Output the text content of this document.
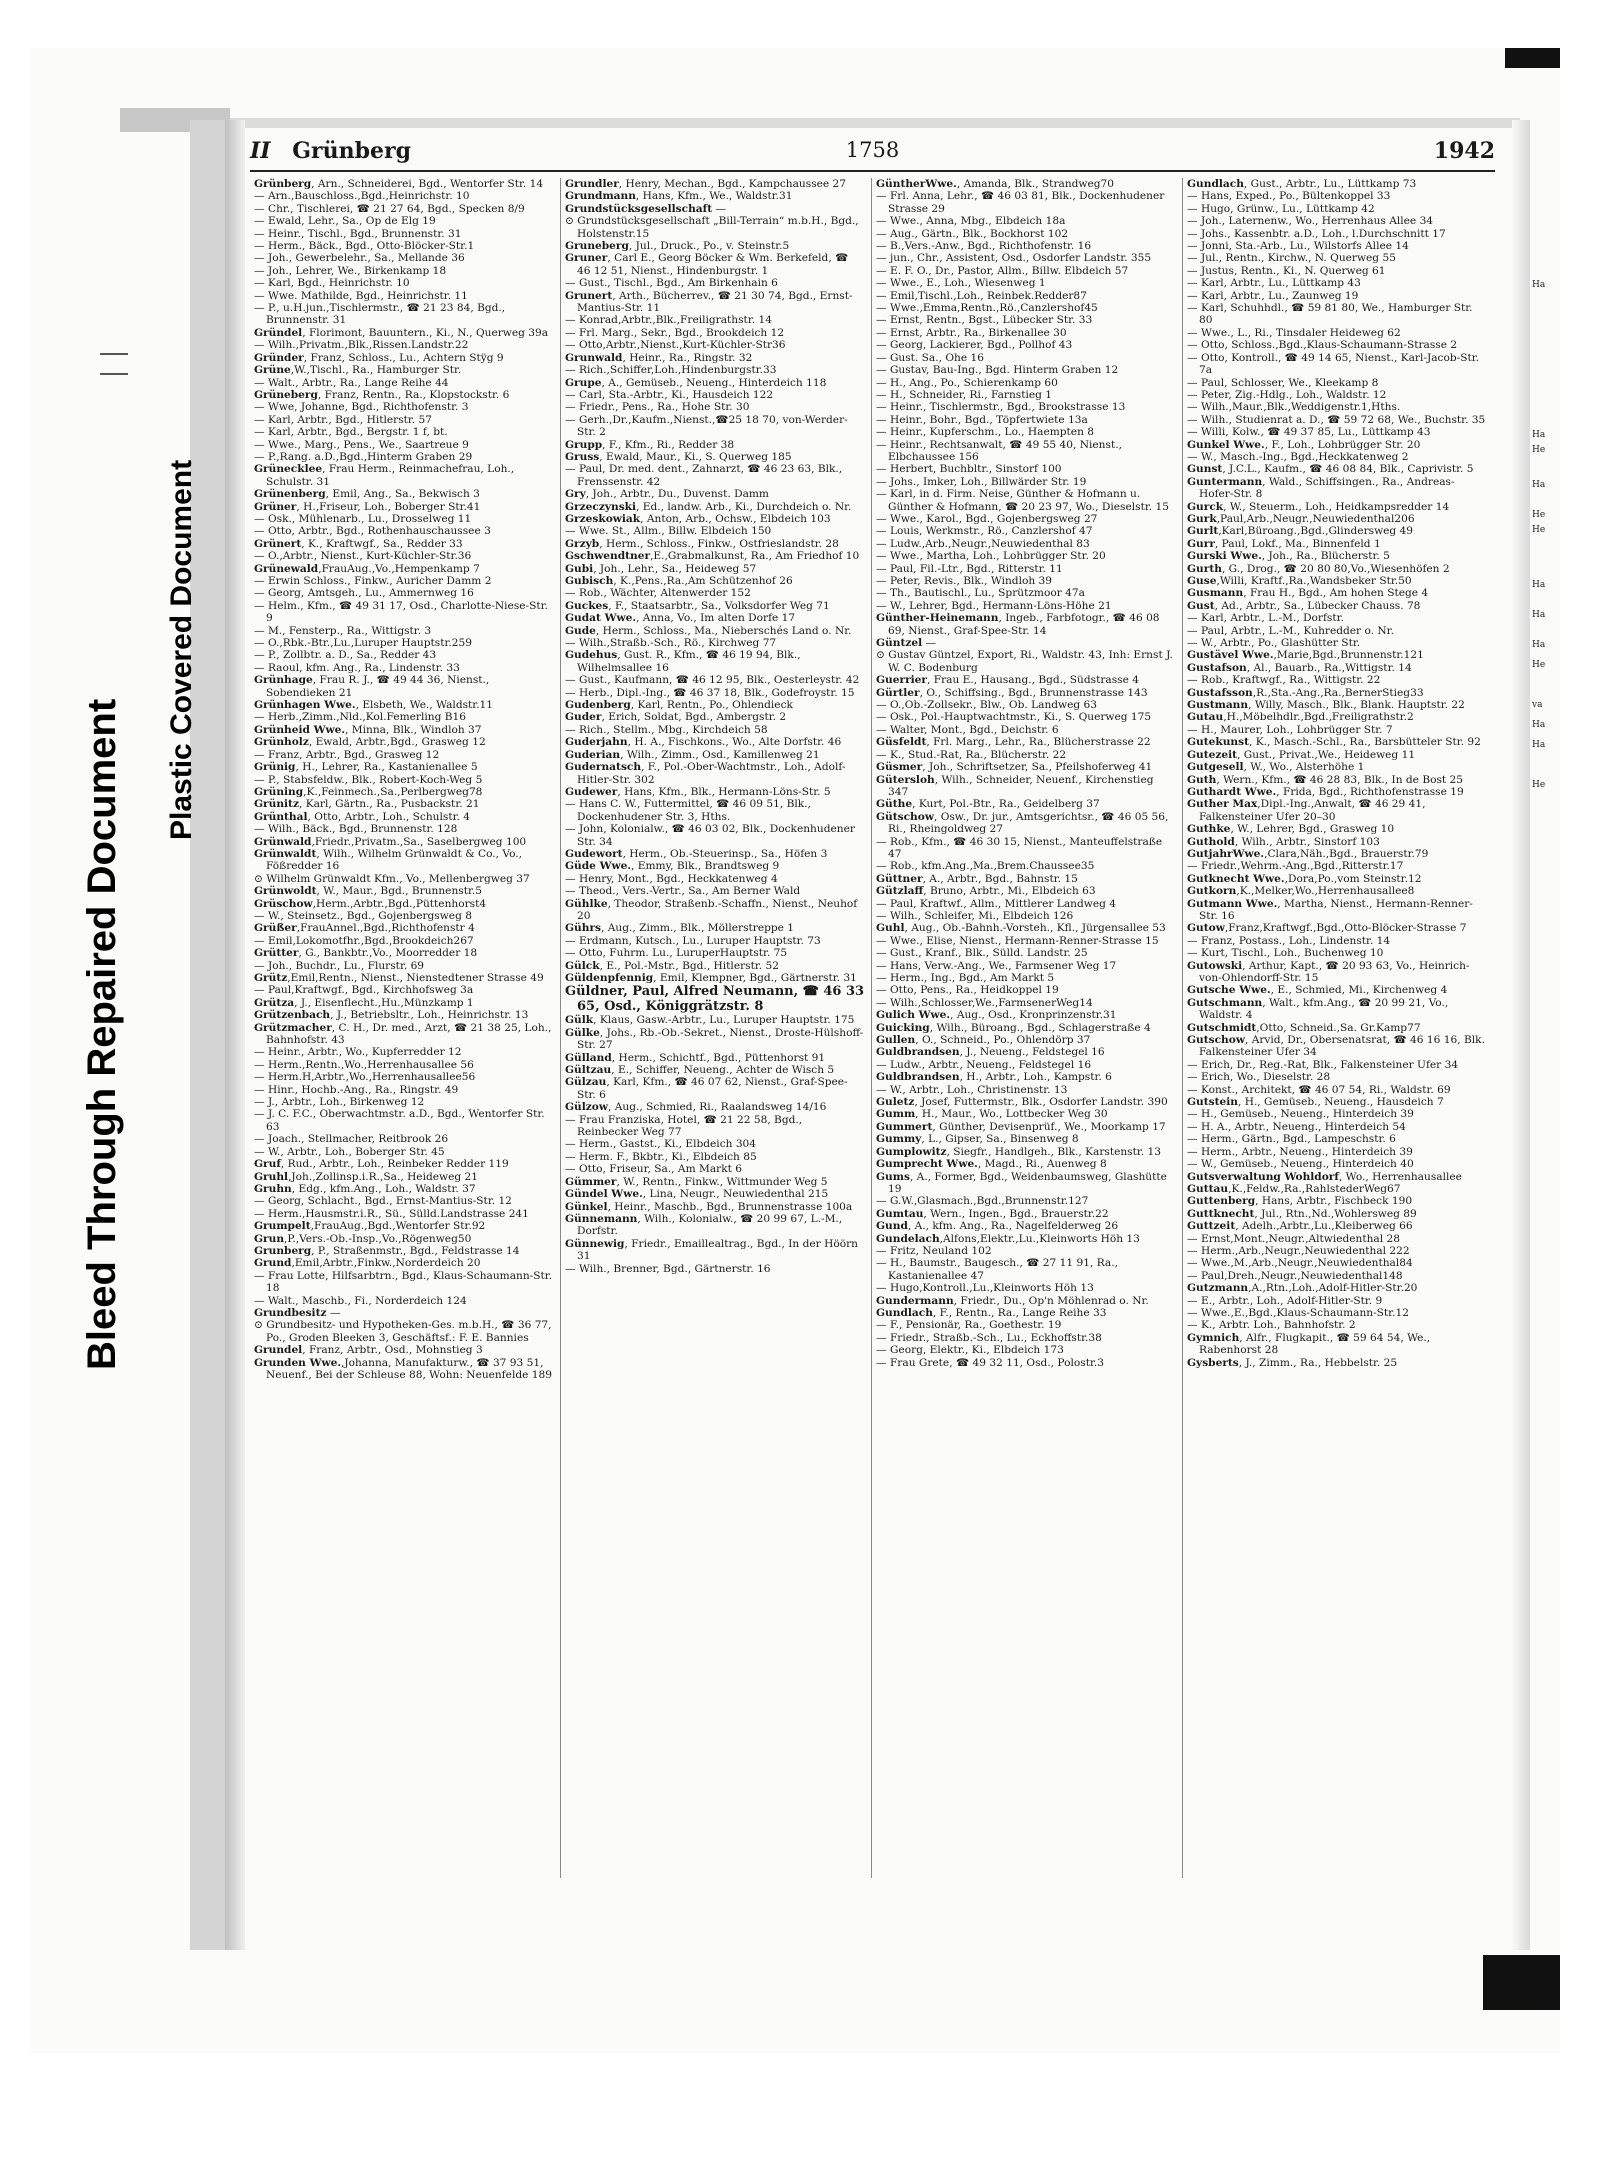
Bleed Through Repaired Document
Plastic Covered Document
II Grünberg	1758	1942

Grünberg, Arn., Schneiderei, Bgd., Wentorfer Str. 14

— Arn.,Bauschloss.,Bgd.,Heinrichstr. 10

— Chr., Tischlerei, ☎ 21 27 64, Bgd., Specken 8/9

— Ewald, Lehr., Sa., Op de Elg 19

— Heinr., Tischl., Bgd., Brunnenstr. 31

— Herm., Bäck., Bgd., Otto-Blöcker-Str.1

— Joh., Gewerbelehr., Sa., Mellande 36

— Joh., Lehrer, We., Birkenkamp 18

— Karl, Bgd., Heinrichstr. 10

— Wwe. Mathilde, Bgd., Heinrichstr. 11

— P., u.H.jun.,Tischlermstr., ☎ 21 23 84, Bgd., Brunnenstr. 31

Gründel, Florimont, Bauuntern., Ki., N., Querweg 39a

— Wilh.,Privatm.,Blk.,Rissen.Landstr.22

Gründer, Franz, Schloss., Lu., Achtern Stÿg 9

Grüne,W.,Tischl., Ra., Hamburger Str.

— Walt., Arbtr., Ra., Lange Reihe 44

Grüneberg, Franz, Rentn., Ra., Klopstockstr. 6

— Wwe, Johanne, Bgd., Richthofenstr. 3

— Karl, Arbtr., Bgd., Hitlerstr. 57

— Karl, Arbtr., Bgd., Bergstr. 1 f, bt.

— Wwe., Marg., Pens., We., Saartreue 9

— P.,Rang. a.D.,Bgd.,Hinterm Graben 29

Grünecklee, Frau Herm., Reinmachefrau, Loh., Schulstr. 31

Grünenberg, Emil, Ang., Sa., Bekwisch 3

Grüner, H.,Friseur, Loh., Boberger Str.41

— Osk., Mühlenarb., Lu., Drosselweg 11

— Otto, Arbtr., Bgd., Rothenhauschaussee 3

Grünert, K., Kraftwgf., Sa., Redder 33

— O.,Arbtr., Nienst., Kurt-Küchler-Str.36

Grünewald,FrauAug.,Vo.,Hempenkamp 7

— Erwin Schloss., Finkw., Auricher Damm 2

— Georg, Amtsgeh., Lu., Ammernweg 16

— Helm., Kfm., ☎ 49 31 17, Osd., Charlotte-Niese-Str. 9

— M., Fensterp., Ra., Wittigstr. 3

— O.,Rbk.-Btr.,Lu.,Luruper Hauptstr.259

— P., Zollbtr. a. D., Sa., Redder 43

— Raoul, kfm. Ang., Ra., Lindenstr. 33

Grünhage, Frau R. J., ☎ 49 44 36, Nienst., Sobendieken 21

Grünhagen Wwe., Elsbeth, We., Waldstr.11

— Herb.,Zimm.,Nld.,Kol.Femerling B16

Grünheid Wwe., Minna, Blk., Windloh 37

Grünholz, Ewald, Arbtr.,Bgd., Grasweg 12

— Franz, Arbtr., Bgd., Grasweg 12

Grünig, H., Lehrer, Ra., Kastanienallee 5

— P., Stabsfeldw., Blk., Robert-Koch-Weg 5

Grüning,K.,Feinmech.,Sa.,Perlbergweg78

Grünitz, Karl, Gärtn., Ra., Pusbackstr. 21

Grünthal, Otto, Arbtr., Loh., Schulstr. 4

— Wilh., Bäck., Bgd., Brunnenstr. 128

Grünwald,Friedr.,Privatm.,Sa., Saselbergweg 100

Grünwaldt, Wilh., Wilhelm Grünwaldt & Co., Vo., Fößredder 16

⊙ Wilhelm Grünwaldt Kfm., Vo., Mellenbergweg 37

Grünwoldt, W., Maur., Bgd., Brunnenstr.5

Grüschow,Herm.,Arbtr.,Bgd.,Püttenhorst4

— W., Steinsetz., Bgd., Gojenbergsweg 8

Grüßer,FrauAnnel.,Bgd.,Richthofenstr 4

— Emil,Lokomotfhr.,Bgd.,Brookdeich267

Grütter, G., Bankbtr.,Vo., Moorredder 18

— Joh., Buchdr., Lu., Flurstr. 69

Grütz,Emil,Rentn., Nienst., Nienstedtener Strasse 49

— Paul,Kraftwgf., Bgd., Kirchhofsweg 3a

Grütza, J., Eisenflecht.,Hu.,Münzkamp 1

Grützenbach, J., Betriebsltr., Loh., Heinrichstr. 13

Grützmacher, C. H., Dr. med., Arzt, ☎ 21 38 25, Loh., Bahnhofstr. 43

— Heinr., Arbtr., Wo., Kupferredder 12

— Herm.,Rentn.,Wo.,Herrenhausallee 56

— Herm.H,Arbtr.,Wo.,Herrenhausallee56

— Hinr., Hochb.-Ang., Ra., Ringstr. 49

— J., Arbtr., Loh., Birkenweg 12

— J. C. F.C., Oberwachtmstr. a.D., Bgd., Wentorfer Str. 63

— Joach., Stellmacher, Reitbrook 26

— W., Arbtr., Loh., Boberger Str. 45

Gruf, Rud., Arbtr., Loh., Reinbeker Redder 119

Gruhl,Joh.,Zollinsp.i.R.,Sa., Heideweg 21

Gruhn, Edg., kfm.Ang., Loh., Waldstr. 37

— Georg, Schlacht., Bgd., Ernst-Mantius-Str. 12

— Herm.,Hausmstr.i.R., Sü., Sülld.Landstrasse 241

Grumpelt,FrauAug.,Bgd.,Wentorfer Str.92

Grun,P.,Vers.-Ob.-Insp.,Vo.,Rögenweg50

Grunberg, P., Straßenmstr., Bgd., Feldstrasse 14

Grund,Emil,Arbtr.,Finkw.,Norderdeich 20

— Frau Lotte, Hilfsarbtrn., Bgd., Klaus-Schaumann-Str. 18

— Walt., Maschb., Fi., Norderdeich 124

Grundbesitz —

⊙ Grundbesitz- und Hypotheken-Ges. m.b.H., ☎ 36 77, Po., Groden Bleeken 3, Geschäftsf.: F. E. Bannies

Grundel, Franz, Arbtr., Osd., Mohnstieg 3

Grunden Wwe.,Johanna, Manufakturw., ☎ 37 93 51, Neuenf., Bei der Schleuse 88, Wohn: Neuenfelde 189

Grundler, Henry, Mechan., Bgd., Kampchaussee 27

Grundmann, Hans, Kfm., We., Waldstr.31

Grundstücksgesellschaft —

⊙ Grundstücksgesellschaft „Bill-Terrain“ m.b.H., Bgd., Holstenstr.15

Gruneberg, Jul., Druck., Po., v. Steinstr.5

Gruner, Carl E., Georg Böcker & Wm. Berkefeld, ☎ 46 12 51, Nienst., Hindenburgstr. 1

— Gust., Tischl., Bgd., Am Birkenhain 6

Grunert, Arth., Bücherrev., ☎ 21 30 74, Bgd., Ernst-Mantius-Str. 11

— Konrad,Arbtr.,Blk.,Freiligrathstr. 14

— Frl. Marg., Sekr., Bgd., Brookdeich 12

— Otto,Arbtr.,Nienst.,Kurt-Küchler-Str36

Grunwald, Heinr., Ra., Ringstr. 32

— Rich.,Schiffer,Loh.,Hindenburgstr.33

Grupe, A., Gemüseb., Neueng., Hinterdeich 118

— Carl, Sta.-Arbtr., Ki., Hausdeich 122

— Friedr., Pens., Ra., Hohe Str. 30

— Gerh.,Dr.,Kaufm.,Nienst.,☎25 18 70, von-Werder-Str. 2

Grupp, F., Kfm., Ri., Redder 38

Gruss, Ewald, Maur., Ki., S. Querweg 185

— Paul, Dr. med. dent., Zahnarzt, ☎ 46 23 63, Blk., Frenssenstr. 42

Gry, Joh., Arbtr., Du., Duvenst. Damm

Grzeczynski, Ed., landw. Arb., Ki., Durchdeich o. Nr.

Grzeskowiak, Anton, Arb., Ochsw., Elbdeich 103

— Wwe. St., Allm., Billw. Elbdeich 150

Grzyb, Herm., Schloss., Finkw., Ostfrieslandstr. 28

Gschwendtner,E.,Grabmalkunst, Ra., Am Friedhof 10

Gubi, Joh., Lehr., Sa., Heideweg 57

Gubisch, K.,Pens.,Ra.,Am Schützenhof 26

— Rob., Wächter, Altenwerder 152

Guckes, F., Staatsarbtr., Sa., Volksdorfer Weg 71

Gudat Wwe., Anna, Vo., Im alten Dorfe 17

Gude, Herm., Schloss., Ma., Nieberschés Land o. Nr.

— Wilh.,Straßb.-Sch., Rö., Kirchweg 77

Gudehus, Gust. R., Kfm., ☎ 46 19 94, Blk., Wilhelmsallee 16

— Gust., Kaufmann, ☎ 46 12 95, Blk., Oesterleystr. 42

— Herb., Dipl.-Ing., ☎ 46 37 18, Blk., Godefroystr. 15

Gudenberg, Karl, Rentn., Po., Ohlendieck

Guder, Erich, Soldat, Bgd., Ambergstr. 2

— Rich., Stellm., Mbg., Kirchdeich 58

Guderjahn, H. A., Fischkons., Wo., Alte Dorfstr. 46

Guderian, Wilh., Zimm., Osd., Kamillenweg 21

Gudernatsch, F., Pol.-Ober-Wachtmstr., Loh., Adolf-Hitler-Str. 302

Gudewer, Hans, Kfm., Blk., Hermann-Löns-Str. 5

— Hans C. W., Futtermittel, ☎ 46 09 51, Blk., Dockenhudener Str. 3, Hths.

— John, Kolonialw., ☎ 46 03 02, Blk., Dockenhudener Str. 34

Gudewort, Herm., Ob.-Steuerinsp., Sa., Höfen 3

Güde Wwe., Emmy, Blk., Brandtsweg 9

— Henry, Mont., Bgd., Heckkatenweg 4

— Theod., Vers.-Vertr., Sa., Am Berner Wald

Gühlke, Theodor, Straßenb.-Schaffn., Nienst., Neuhof 20

Gührs, Aug., Zimm., Blk., Möllerstreppe 1

— Erdmann, Kutsch., Lu., Luruper Hauptstr. 73

— Otto, Fuhrm. Lu., LuruperHauptstr. 75

Gülck, E., Pol.-Mstr., Bgd., Hitlerstr. 52

Güldenpfennig, Emil, Klempner, Bgd., Gärtnerstr. 31

Güldner, Paul, Alfred Neumann, ☎ 46 33 65, Osd., Königgrätzstr. 8

Gülk, Klaus, Gasw.-Arbtr., Lu., Luruper Hauptstr. 175

Gülke, Johs., Rb.-Ob.-Sekret., Nienst., Droste-Hülshoff-Str. 27

Gülland, Herm., Schichtf., Bgd., Püttenhorst 91

Gültzau, E., Schiffer, Neueng., Achter de Wisch 5

Gülzau, Karl, Kfm., ☎ 46 07 62, Nienst., Graf-Spee-Str. 6

Gülzow, Aug., Schmied, Ri., Raalandsweg 14/16

— Frau Franziska, Hotel, ☎ 21 22 58, Bgd., Reinbecker Weg 77

— Herm., Gastst., Ki., Elbdeich 304

— Herm. F., Bkbtr., Ki., Elbdeich 85

— Otto, Friseur, Sa., Am Markt 6

Gümmer, W., Rentn., Finkw., Wittmunder Weg 5

Gündel Wwe., Lina, Neugr., Neuwiedenthal 215

Günkel, Heinr., Maschb., Bgd., Brunnenstrasse 100a

Günnemann, Wilh., Kolonialw., ☎ 20 99 67, L.-M., Dorfstr.

Günnewig, Friedr., Emaillealtrag., Bgd., In der Höörn 31

— Wilh., Brenner, Bgd., Gärtnerstr. 16

GüntherWwe., Amanda, Blk., Strandweg70

— Frl. Anna, Lehr., ☎ 46 03 81, Blk., Dockenhudener Strasse 29

— Wwe., Anna, Mbg., Elbdeich 18a

— Aug., Gärtn., Blk., Bockhorst 102

— B.,Vers.-Anw., Bgd., Richthofenstr. 16

— jun., Chr., Assistent, Osd., Osdorfer Landstr. 355

— E. F. O., Dr., Pastor, Allm., Billw. Elbdeich 57

— Wwe., E., Loh., Wiesenweg 1

— Emil,Tischl.,Loh., Reinbek.Redder87

— Wwe.,Emma,Rentn.,Rö.,Canzlershof45

— Ernst, Rentn., Bgst., Lübecker Str. 33

— Ernst, Arbtr., Ra., Birkenallee 30

— Georg, Lackierer, Bgd., Pollhof 43

— Gust. Sa., Ohe 16

— Gustav, Bau-Ing., Bgd. Hinterm Graben 12

— H., Ang., Po., Schierenkamp 60

— H., Schneider, Ri., Farnstieg 1

— Heinr., Tischlermstr., Bgd., Brookstrasse 13

— Heinr., Bohr., Bgd., Töpfertwiete 13a

— Heinr., Kupferschm., Lo., Haempten 8

— Heinr., Rechtsanwalt, ☎ 49 55 40, Nienst., Elbchaussee 156

— Herbert, Buchbltr., Sinstorf 100

— Johs., Imker, Loh., Billwärder Str. 19

— Karl, in d. Firm. Neise, Günther & Hofmann u. Günther & Hofmann, ☎ 20 23 97, Wo., Dieselstr. 15

— Wwe., Karol., Bgd., Gojenbergsweg 27

— Louis, Werkmstr., Rö., Canzlershof 47

— Ludw.,Arb.,Neugr.,Neuwiedenthal 83

— Wwe., Martha, Loh., Lohbrügger Str. 20

— Paul, Fil.-Ltr., Bgd., Ritterstr. 11

— Peter, Revis., Blk., Windloh 39

— Th., Bautischl., Lu., Sprützmoor 47a

— W., Lehrer, Bgd., Hermann-Löns-Höhe 21

Günther-Heinemann, Ingeb., Farbfotogr., ☎ 46 08 69, Nienst., Graf-Spee-Str. 14

Güntzel —

⊙ Gustav Güntzel, Export, Ri., Waldstr. 43, Inh: Ernst J. W. C. Bodenburg

Guerrier, Frau E., Hausang., Bgd., Südstrasse 4

Gürtler, O., Schiffsing., Bgd., Brunnenstrasse 143

— O.,Ob.-Zollsekr., Blw., Ob. Landweg 63

— Osk., Pol.-Hauptwachtmstr., Ki., S. Querweg 175

— Walter, Mont., Bgd., Deichstr. 6

Güsfeldt, Frl. Marg., Lehr., Ra., Blücherstrasse 22

— K., Stud.-Rat, Ra., Blücherstr. 22

Güsmer, Joh., Schriftsetzer, Sa., Pfeilshoferweg 41

Gütersloh, Wilh., Schneider, Neuenf., Kirchenstieg 347

Güthe, Kurt, Pol.-Btr., Ra., Geidelberg 37

Gütschow, Osw., Dr. jur., Amtsgerichtsr., ☎ 46 05 56, Ri., Rheingoldweg 27

— Rob., Kfm., ☎ 46 30 15, Nienst., Manteuffelstraße 47

— Rob., kfm.Ang.,Ma.,Brem.Chaussee35

Güttner, A., Arbtr., Bgd., Bahnstr. 15

Gützlaff, Bruno, Arbtr., Mi., Elbdeich 63

— Paul, Kraftwf., Allm., Mittlerer Landweg 4

— Wilh., Schleifer, Mi., Elbdeich 126

Guhl, Aug., Ob.-Bahnh.-Vorsteh., Kfl., Jürgensallee 53

— Wwe., Elise, Nienst., Hermann-Renner-Strasse 15

— Gust., Kranf., Blk., Sülld. Landstr. 25

— Hans, Verw.-Ang., We., Farmsener Weg 17

— Herm., Ing., Bgd., Am Markt 5

— Otto, Pens., Ra., Heidkoppel 19

— Wilh.,Schlosser,We.,FarmsenerWeg14

Gulich Wwe., Aug., Osd., Kronprinzenstr.31

Guicking, Wilh., Büroang., Bgd., Schlagerstraße 4

Gullen, O., Schneid., Po., Ohlendörp 37

Guldbrandsen, J., Neueng., Feldstegel 16

— Ludw., Arbtr., Neueng., Feldstegel 16

Guldbrandsen, H., Arbtr., Loh., Kampstr. 6

— W., Arbtr., Loh., Christinenstr. 13

Guletz, Josef, Futtermstr., Blk., Osdorfer Landstr. 390

Gumm, H., Maur., Wo., Lottbecker Weg 30

Gummert, Günther, Devisenprüf., We., Moorkamp 17

Gummy, L., Gipser, Sa., Binsenweg 8

Gumplowitz, Siegfr., Handlgeh., Blk., Karstenstr. 13

Gumprecht Wwe., Magd., Ri., Auenweg 8

Gums, A., Former, Bgd., Weidenbaumsweg, Glashütte 19

— G.W.,Glasmach.,Bgd.,Brunnenstr.127

Gumtau, Wern., Ingen., Bgd., Brauerstr.22

Gund, A., kfm. Ang., Ra., Nagelfelderweg 26

Gundelach,Alfons,Elektr.,Lu.,Kleinworts Höh 13

— Fritz, Neuland 102

— H., Baumstr., Baugesch., ☎ 27 11 91, Ra., Kastanienallee 47

— Hugo,Kontroll.,Lu.,Kleinworts Höh 13

Gundermann, Friedr., Du., Op'n Möhlenrad o. Nr.

Gundlach, F., Rentn., Ra., Lange Reihe 33

— F., Pensionär, Ra., Goethestr. 19

— Friedr., Straßb.-Sch., Lu., Eckhoffstr.38

— Georg, Elektr., Ki., Elbdeich 173

— Frau Grete, ☎ 49 32 11, Osd., Polostr.3

Gundlach, Gust., Arbtr., Lu., Lüttkamp 73

— Hans, Exped., Po., Bültenkoppel 33

— Hugo, Grünw., Lu., Lüttkamp 42

— Joh., Laternenw., Wo., Herrenhaus Allee 34

— Johs., Kassenbtr. a.D., Loh., l.Durchschnitt 17

— Jonni, Sta.-Arb., Lu., Wilstorfs Allee 14

— Jul., Rentn., Kirchw., N. Querweg 55

— Justus, Rentn., Ki., N. Querweg 61

— Karl, Arbtr., Lu., Lüttkamp 43

— Karl, Arbtr., Lu., Zaunweg 19

— Karl, Schuhhdl., ☎ 59 81 80, We., Hamburger Str. 80

— Wwe., L., Ri., Tinsdaler Heideweg 62

— Otto, Schloss.,Bgd.,Klaus-Schaumann-Strasse 2

— Otto, Kontroll., ☎ 49 14 65, Nienst., Karl-Jacob-Str. 7a

— Paul, Schlosser, We., Kleekamp 8

— Peter, Zig.-Hdlg., Loh., Waldstr. 12

— Wilh.,Maur.,Blk.,Weddigenstr.1,Hths.

— Wilh., Studienrat a. D., ☎ 59 72 68, We., Buchstr. 35

— Willi, Kolw., ☎ 49 37 85, Lu., Lüttkamp 43

Gunkel Wwe., F., Loh., Lohbrügger Str. 20

— W., Masch.-Ing., Bgd.,Heckkatenweg 2

Gunst, J.C.L., Kaufm., ☎ 46 08 84, Blk., Caprivistr. 5

Guntermann, Wald., Schiffsingen., Ra., Andreas-Hofer-Str. 8

Gurck, W., Steuerm., Loh., Heidkampsredder 14

Gurk,Paul,Arb.,Neugr.,Neuwiedenthal206

Gurlt,Karl,Büroang.,Bgd.,Glindersweg 49

Gurr, Paul, Lokf., Ma., Binnenfeld 1

Gurski Wwe., Joh., Ra., Blücherstr. 5

Gurth, G., Drog., ☎ 20 80 80,Vo.,Wiesenhöfen 2

Guse,Willi, Kraftf.,Ra.,Wandsbeker Str.50

Gusmann, Frau H., Bgd., Am hohen Stege 4

Gust, Ad., Arbtr., Sa., Lübecker Chauss. 78

— Karl, Arbtr., L.-M., Dorfstr.

— Paul, Arbtr., L.-M., Kuhredder o. Nr.

— W., Arbtr., Po., Glashütter Str.

Gustävel Wwe.,Marie,Bgd.,Brunnenstr.121

Gustafson, Al., Bauarb., Ra.,Wittigstr. 14

— Rob., Kraftwgf., Ra., Wittigstr. 22

Gustafsson,R.,Sta.-Ang.,Ra.,BernerStieg33

Gustmann, Willy, Masch., Blk., Blank. Hauptstr. 22

Gutau,H.,Möbelhdlr.,Bgd.,Freiligrathstr.2

— H., Maurer, Loh., Lohbrügger Str. 7

Gutekunst, K., Masch.-Schl., Ra., Barsbütteler Str. 92

Gutezeit, Gust., Privat.,We., Heideweg 11

Gutgesell, W., Wo., Alsterhöhe 1

Guth, Wern., Kfm., ☎ 46 28 83, Blk., In de Bost 25

Guthardt Wwe., Frida, Bgd., Richthofenstrasse 19

Guther Max,Dipl.-Ing.,Anwalt, ☎ 46 29 41, Falkensteiner Ufer 20–30

Guthke, W., Lehrer, Bgd., Grasweg 10

Guthold, Wilh., Arbtr., Sinstorf 103

GutjahrWwe.,Clara,Näh.,Bgd., Brauerstr.79

— Friedr.,Wehrm.-Ang.,Bgd.,Ritterstr.17

Gutknecht Wwe.,Dora,Po.,vom Steinstr.12

Gutkorn,K.,Melker,Wo.,Herrenhausallee8

Gutmann Wwe., Martha, Nienst., Hermann-Renner-Str. 16

Gutow,Franz,Kraftwgf.,Bgd.,Otto-Blöcker-Strasse 7

— Franz, Postass., Loh., Lindenstr. 14

— Kurt, Tischl., Loh., Buchenweg 10

Gutowski, Arthur, Kapt., ☎ 20 93 63, Vo., Heinrich-von-Ohlendorff-Str. 15

Gutsche Wwe., E., Schmied, Mi., Kirchenweg 4

Gutschmann, Walt., kfm.Ang., ☎ 20 99 21, Vo., Waldstr. 4

Gutschmidt,Otto, Schneid.,Sa. Gr.Kamp77

Gutschow, Arvid, Dr., Obersenatsrat, ☎ 46 16 16, Blk. Falkensteiner Ufer 34

— Erich, Dr., Reg.-Rat, Blk., Falkensteiner Ufer 34

— Erich, Wo., Dieselstr. 28

— Konst., Architekt, ☎ 46 07 54, Ri., Waldstr. 69

Gutstein, H., Gemüseb., Neueng., Hausdeich 7

— H., Gemüseb., Neueng., Hinterdeich 39

— H. A., Arbtr., Neueng., Hinterdeich 54

— Herm., Gärtn., Bgd., Lampeschstr. 6

— Herm., Arbtr., Neueng., Hinterdeich 39

— W., Gemüseb., Neueng., Hinterdeich 40

Gutsverwaltung Wohldorf, Wo., Herrenhausallee

Guttau,K.,Feldw.,Ra.,RahlstederWeg67

Guttenberg, Hans, Arbtr., Fischbeck 190

Guttknecht, Jul., Rtn.,Nd.,Wohlersweg 89

Guttzeit, Adelh.,Arbtr.,Lu.,Kleiberweg 66

— Ernst,Mont.,Neugr.,Altwiedenthal 28

— Herm.,Arb.,Neugr.,Neuwiedenthal 222

— Wwe.,M.,Arb.,Neugr.,Neuwiedenthal84

— Paul,Dreh.,Neugr.,Neuwiedenthal148

Gutzmann,A.,Rtn.,Loh.,Adolf-Hitler-Str.20

— E., Arbtr., Loh., Adolf-Hitler-Str. 9

— Wwe.,E.,Bgd.,Klaus-Schaumann-Str.12

— K., Arbtr. Loh., Bahnhofstr. 2

Gymnich, Alfr., Flugkapit., ☎ 59 64 54, We., Rabenhorst 28

Gysberts, J., Zimm., Ra., Hebbelstr. 25

Ha
Ha
He
Ha
He
He
Ha
Ha
Ha
He
va
Ha
Ha
He
